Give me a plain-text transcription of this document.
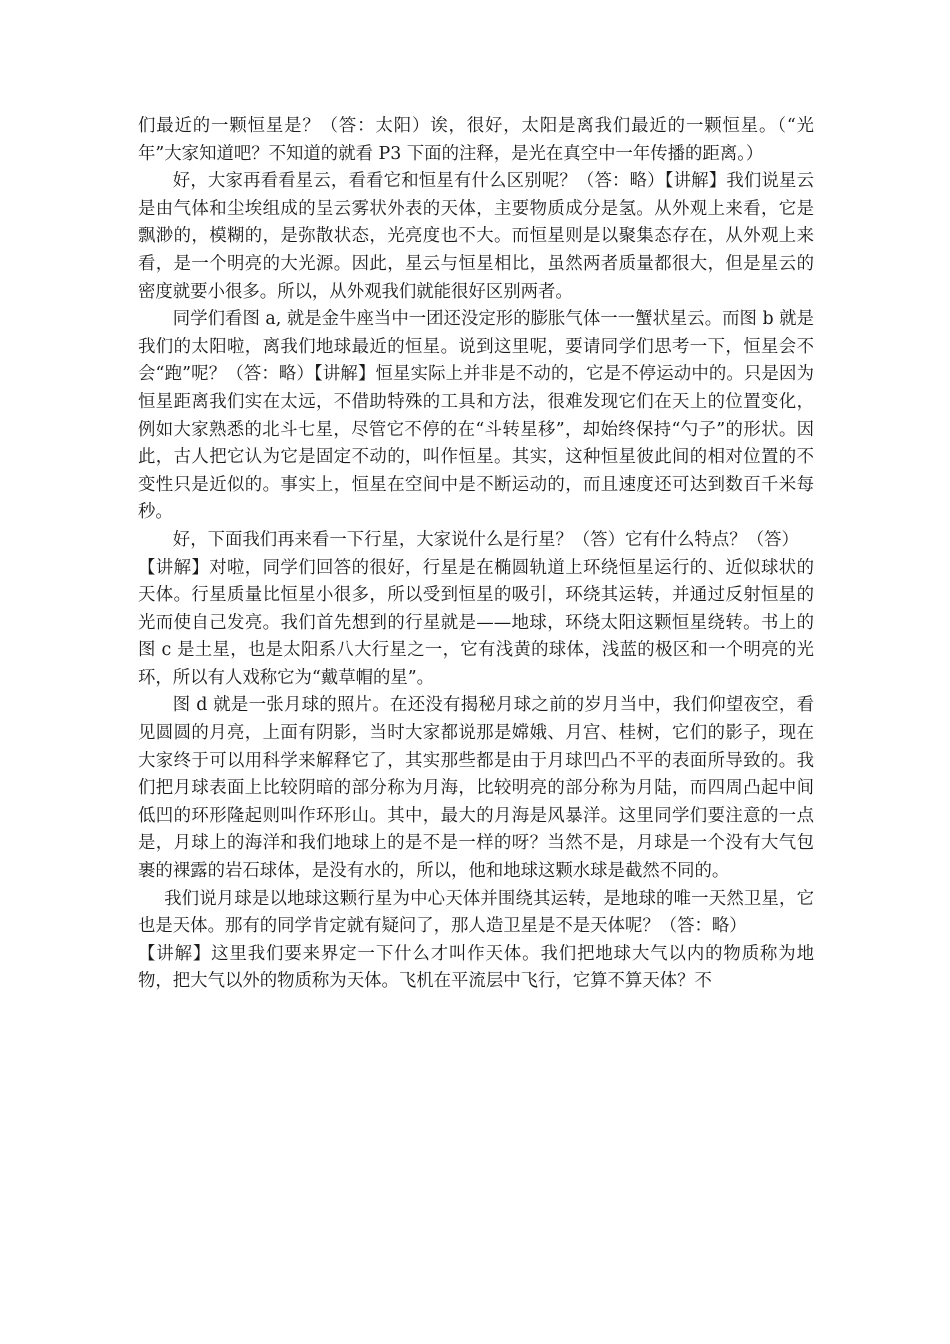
们最近的一颗恒星是？（答：太阳）诶，很好，太阳是离我们最近的一颗恒星。（“光年”大家知道吧？不知道的就看 P3 下面的注释，是光在真空中一年传播的距离。）

好，大家再看看星云，看看它和恒星有什么区别呢？（答：略）【讲解】我们说星云是由气体和尘埃组成的呈云雾状外表的天体，主要物质成分是氢。从外观上来看，它是飘渺的，模糊的，是弥散状态，光亮度也不大。而恒星则是以聚集态存在，从外观上来看，是一个明亮的大光源。因此，星云与恒星相比，虽然两者质量都很大，但是星云的密度就要小很多。所以，从外观我们就能很好区别两者。

同学们看图 a, 就是金牛座当中一团还没定形的膨胀气体一一蟹状星云。而图 b 就是我们的太阳啦，离我们地球最近的恒星。说到这里呢，要请同学们思考一下，恒星会不会“跑”呢？（答：略）【讲解】恒星实际上并非是不动的，它是不停运动中的。只是因为恒星距离我们实在太远，不借助特殊的工具和方法，很难发现它们在天上的位置变化，例如大家熟悉的北斗七星，尽管它不停的在“斗转星移”，却始终保持“勺子”的形状。因此，古人把它认为它是固定不动的，叫作恒星。其实，这种恒星彼此间的相对位置的不变性只是近似的。事实上，恒星在空间中是不断运动的，而且速度还可达到数百千米每秒。

好，下面我们再来看一下行星，大家说什么是行星？（答）它有什么特点？（答）

【讲解】对啦，同学们回答的很好，行星是在椭圆轨道上环绕恒星运行的、近似球状的天体。行星质量比恒星小很多，所以受到恒星的吸引，环绕其运转，并通过反射恒星的光而使自己发亮。我们首先想到的行星就是——地球，环绕太阳这颗恒星绕转。书上的图 c 是土星，也是太阳系八大行星之一，它有浅黄的球体，浅蓝的极区和一个明亮的光环，所以有人戏称它为“戴草帽的星”。

图 d 就是一张月球的照片。在还没有揭秘月球之前的岁月当中，我们仰望夜空，看见圆圆的月亮，上面有阴影，当时大家都说那是嫦娥、月宫、桂树，它们的影子，现在大家终于可以用科学来解释它了，其实那些都是由于月球凹凸不平的表面所导致的。我们把月球表面上比较阴暗的部分称为月海，比较明亮的部分称为月陆，而四周凸起中间低凹的环形隆起则叫作环形山。其中，最大的月海是风暴洋。这里同学们要注意的一点是，月球上的海洋和我们地球上的是不是一样的呀？当然不是，月球是一个没有大气包裹的裸露的岩石球体，是没有水的，所以，他和地球这颗水球是截然不同的。

我们说月球是以地球这颗行星为中心天体并围绕其运转，是地球的唯一天然卫星，它也是天体。那有的同学肯定就有疑问了，那人造卫星是不是天体呢？（答：略）

【讲解】这里我们要来界定一下什么才叫作天体。我们把地球大气以内的物质称为地物，把大气以外的物质称为天体。飞机在平流层中飞行，它算不算天体？不
